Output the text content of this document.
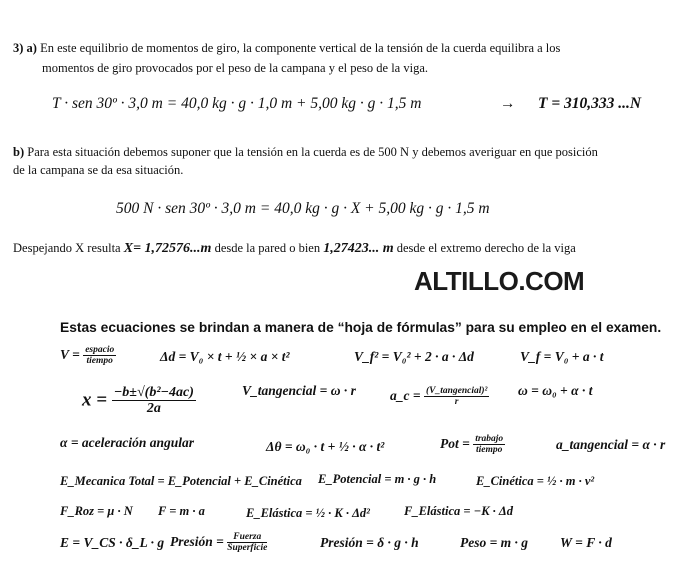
3) a) En este equilibrio de momentos de giro, la componente vertical de la tensión de la cuerda equilibra a los
momentos de giro provocados por el peso de la campana y el peso de la viga.
T · sen 30º · 3,0 m = 40,0 kg · g · 1,0 m + 5,00 kg · g · 1,5 m	→ T = 310,333 ...N
b) Para esta situación debemos suponer que la tensión en la cuerda es de 500 N y debemos averiguar en que posición
de la campana se da esa situación.
500 N · sen 30º · 3,0 m = 40,0 kg · g · X + 5,00 kg · g · 1,5 m
Despejando X resulta X= 1,72576...m desde la pared o bien 1,27423... m desde el extremo derecho de la viga
ALTILLO.COM
Estas ecuaciones se brindan a manera de “hoja de fórmulas” para su empleo en el examen.
$V = \frac{\text{espacio}}{\text{tiempo}}$	Δd = V₀ × t + ½ × a × t²	V_f² = V₀² + 2 · a · Δd	V_f = V₀ + a · t
$x = \frac{\text{−b±√(b²−4ac)}}{2a}$	V_tangencial = ω · r	a_c = $\frac{\text{(V\_tangencial)²}}{r}$ ω = ω₀ + α · t
α = aceleración angular	Δθ = ω₀ · t + ½ · α · t²	Pot = $\frac{\text{trabajo}}{\text{tiempo}}$	a_tangencial = α · r
E_Mecanica Total = E_Potencial + E_Cinética E_Potencial = m · g · h	E_Cinética = ½ · m · v²
F_Roz = μ · N F = m · a	E_Elástica = ½ · K · Δd²	F_Elástica = −K · Δd
E = V_CS · δ_L · g Presión = $\frac{\text{Fuerza}}{\text{Superficie}}$	Presión = δ · g · h	Peso = m · g W = F · d
